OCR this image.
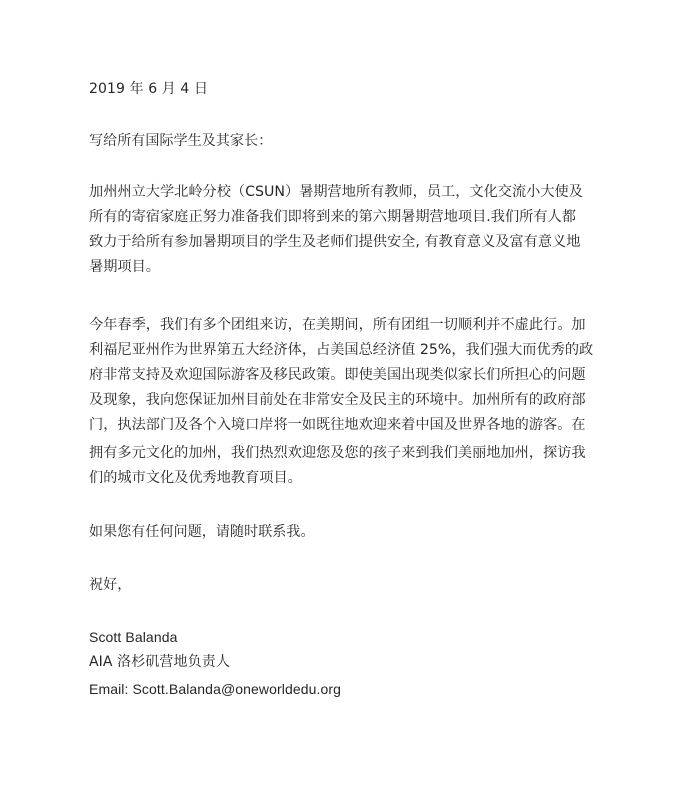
2019 年 6 月 4 日
写给所有国际学生及其家长：
加州州立大学北岭分校（CSUN）暑期营地所有教师，员工，文化交流小大使及
所有的寄宿家庭正努力准备我们即将到来的第六期暑期营地项目.我们所有人都
致力于给所有参加暑期项目的学生及老师们提供安全, 有教育意义及富有意义地
暑期项目。
今年春季，我们有多个团组来访，在美期间，所有团组一切顺利并不虚此行。加
利福尼亚州作为世界第五大经济体，占美国总经济值 25%，我们强大而优秀的政
府非常支持及欢迎国际游客及移民政策。即使美国出现类似家长们所担心的问题
及现象，我向您保证加州目前处在非常安全及民主的环境中。加州所有的政府部
门，执法部门及各个入境口岸将一如既往地欢迎来着中国及世界各地的游客。在
拥有多元文化的加州，我们热烈欢迎您及您的孩子来到我们美丽地加州，探访我
们的城市文化及优秀地教育项目。
如果您有任何问题，请随时联系我。
祝好，
Scott Balanda
AIA 洛杉矶营地负责人
Email: Scott.Balanda@oneworldedu.org
